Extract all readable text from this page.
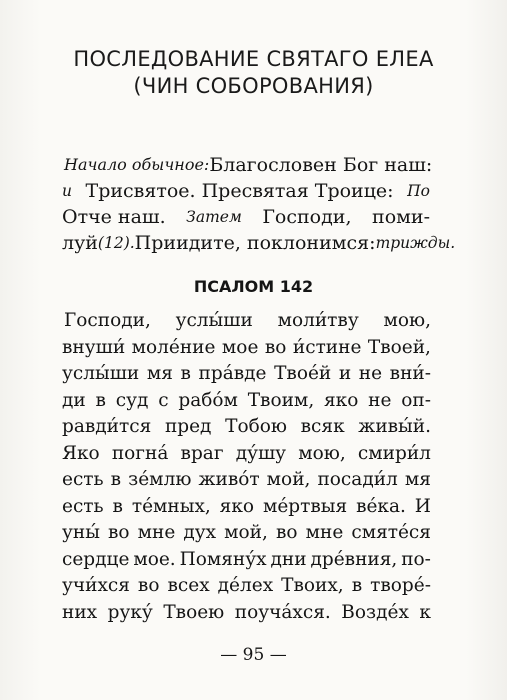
ПОСЛЕДОВАНИЕ СВЯТАГО ЕЛЕА
(ЧИН СОБОРОВАНИЯ)
Начало обычное: Благословен Бог наш:
и Трисвятое. Пресвятая Троице: По
Отче наш. Затем Господи, поми-
луй (12). Приидите, поклонимся: трижды.
ПСАЛОМ 142
Господи, услы́ши моли́тву мою,
внуши́ моле́ние мое во и́стине Твоей,
услы́ши мя в пра́вде Твое́й и не вни́-
ди в суд с рабо́м Твоим, яко не оп-
равди́тся пред Тобою всяк живы́й.
Яко погна́ враг ду́шу мою, смири́л
есть в зе́млю живо́т мой, посади́л мя
есть в те́мных, яко ме́ртвыя ве́ка. И
уны́ во мне дух мой, во мне смяте́ся
сердце мое. Помяну́х дни дре́вния, по-
учи́хся во всех де́лех Твоих, в творе́-
них руку́ Твоею поуча́хся. Возде́х к
— 95 —
